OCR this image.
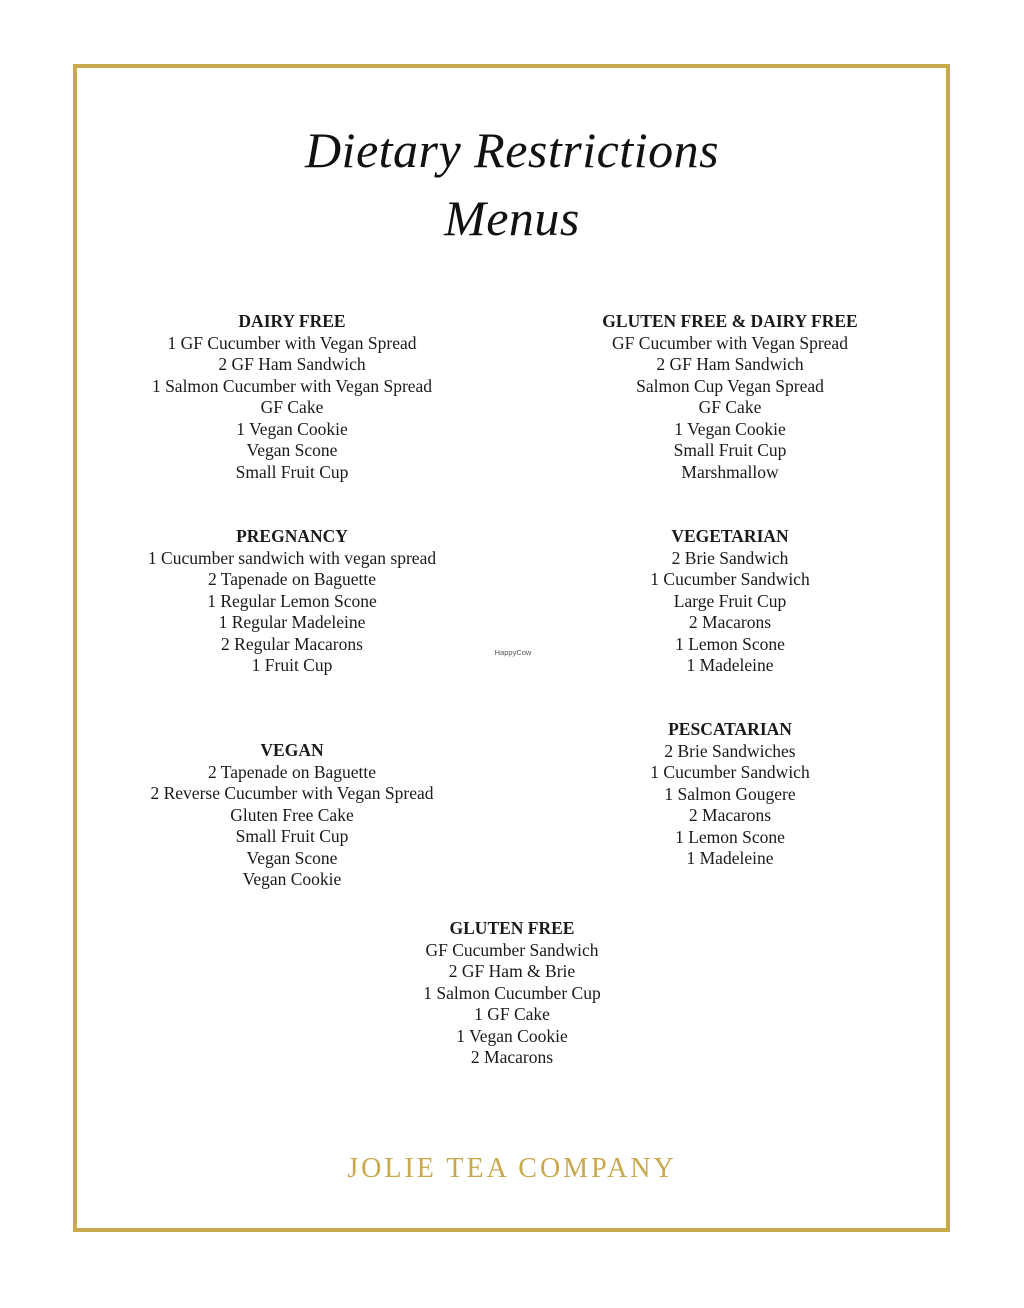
Dietary Restrictions
Menus
DAIRY FREE
1 GF Cucumber with Vegan Spread
2 GF Ham Sandwich
1 Salmon Cucumber with Vegan Spread
GF Cake
1 Vegan Cookie
Vegan Scone
Small Fruit Cup
GLUTEN FREE & DAIRY FREE
GF Cucumber with Vegan Spread
2 GF Ham Sandwich
Salmon Cup Vegan Spread
GF Cake
1 Vegan Cookie
Small Fruit Cup
Marshmallow
PREGNANCY
1 Cucumber sandwich with vegan spread
2 Tapenade on Baguette
1 Regular Lemon Scone
1 Regular Madeleine
2 Regular Macarons
1 Fruit Cup
VEGETARIAN
2 Brie Sandwich
1 Cucumber Sandwich
Large Fruit Cup
2 Macarons
1 Lemon Scone
1 Madeleine
HappyCow
VEGAN
2 Tapenade on Baguette
2 Reverse Cucumber with Vegan Spread
Gluten Free Cake
Small Fruit Cup
Vegan Scone
Vegan Cookie
PESCATARIAN
2 Brie Sandwiches
1 Cucumber Sandwich
1 Salmon Gougere
2 Macarons
1 Lemon Scone
1 Madeleine
GLUTEN FREE
GF Cucumber Sandwich
2 GF Ham & Brie
1 Salmon Cucumber Cup
1 GF Cake
1 Vegan Cookie
2 Macarons
JOLIE TEA COMPANY
